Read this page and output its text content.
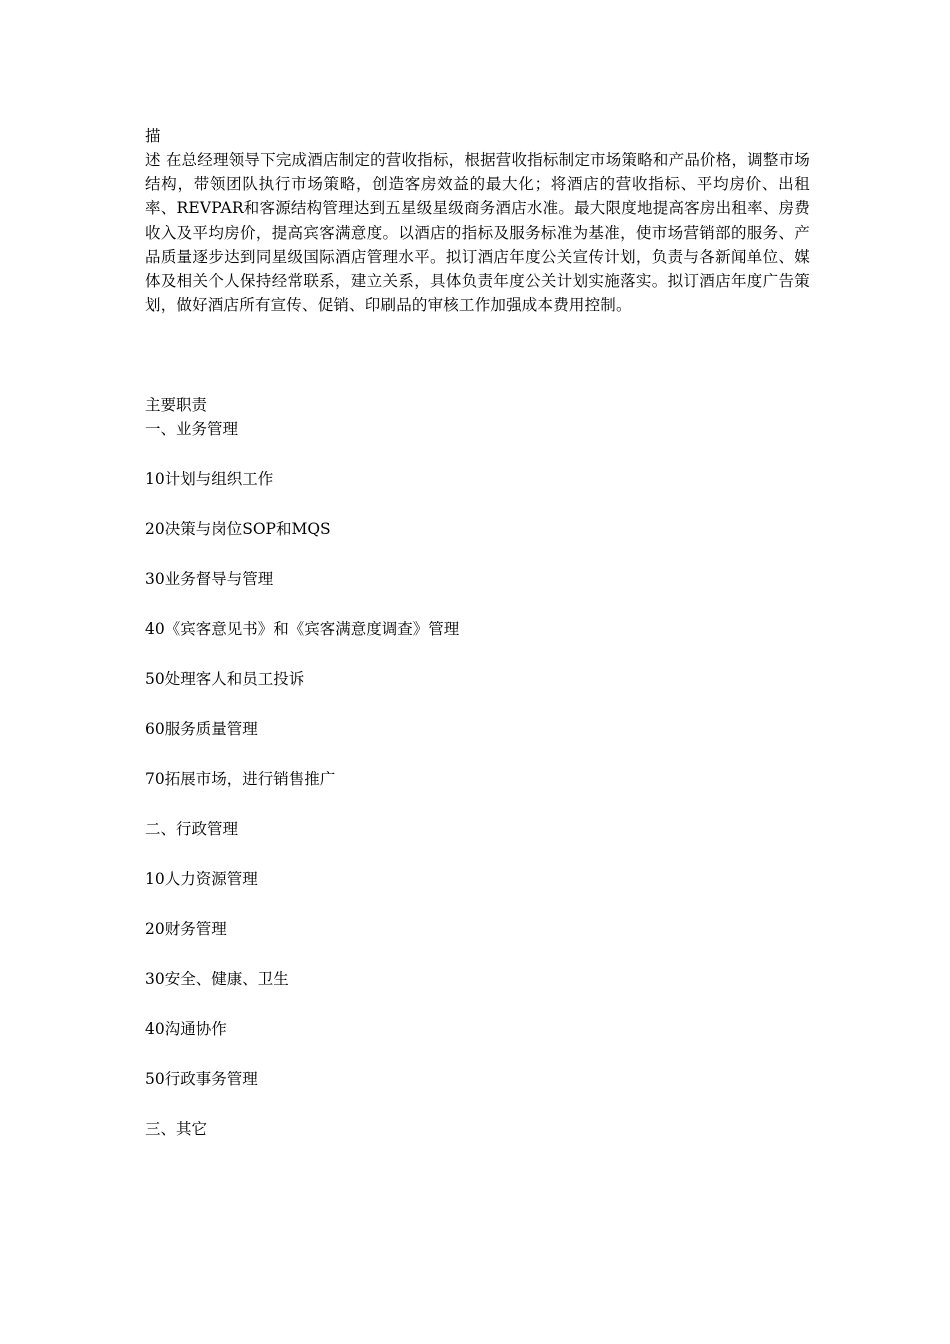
描

述 在总经理领导下完成酒店制定的营收指标，根据营收指标制定市场策略和产品价格，调整市场结构，带领团队执行市场策略，创造客房效益的最大化；将酒店的营收指标、平均房价、出租率、REVPAR和客源结构管理达到五星级星级商务酒店水准。最大限度地提高客房出租率、房费收入及平均房价，提高宾客满意度。以酒店的指标及服务标准为基准，使市场营销部的服务、产品质量逐步达到同星级国际酒店管理水平。拟订酒店年度公关宣传计划，负责与各新闻单位、媒体及相关个人保持经常联系，建立关系，具体负责年度公关计划实施落实。拟订酒店年度广告策划，做好酒店所有宣传、促销、印刷品的审核工作加强成本费用控制。

主要职责

一、业务管理

10计划与组织工作

20决策与岗位SOP和MQS

30业务督导与管理

40《宾客意见书》和《宾客满意度调查》管理

50处理客人和员工投诉

60服务质量管理

70拓展市场，进行销售推广

二、行政管理

10人力资源管理

20财务管理

30安全、健康、卫生

40沟通协作

50行政事务管理

三、其它
